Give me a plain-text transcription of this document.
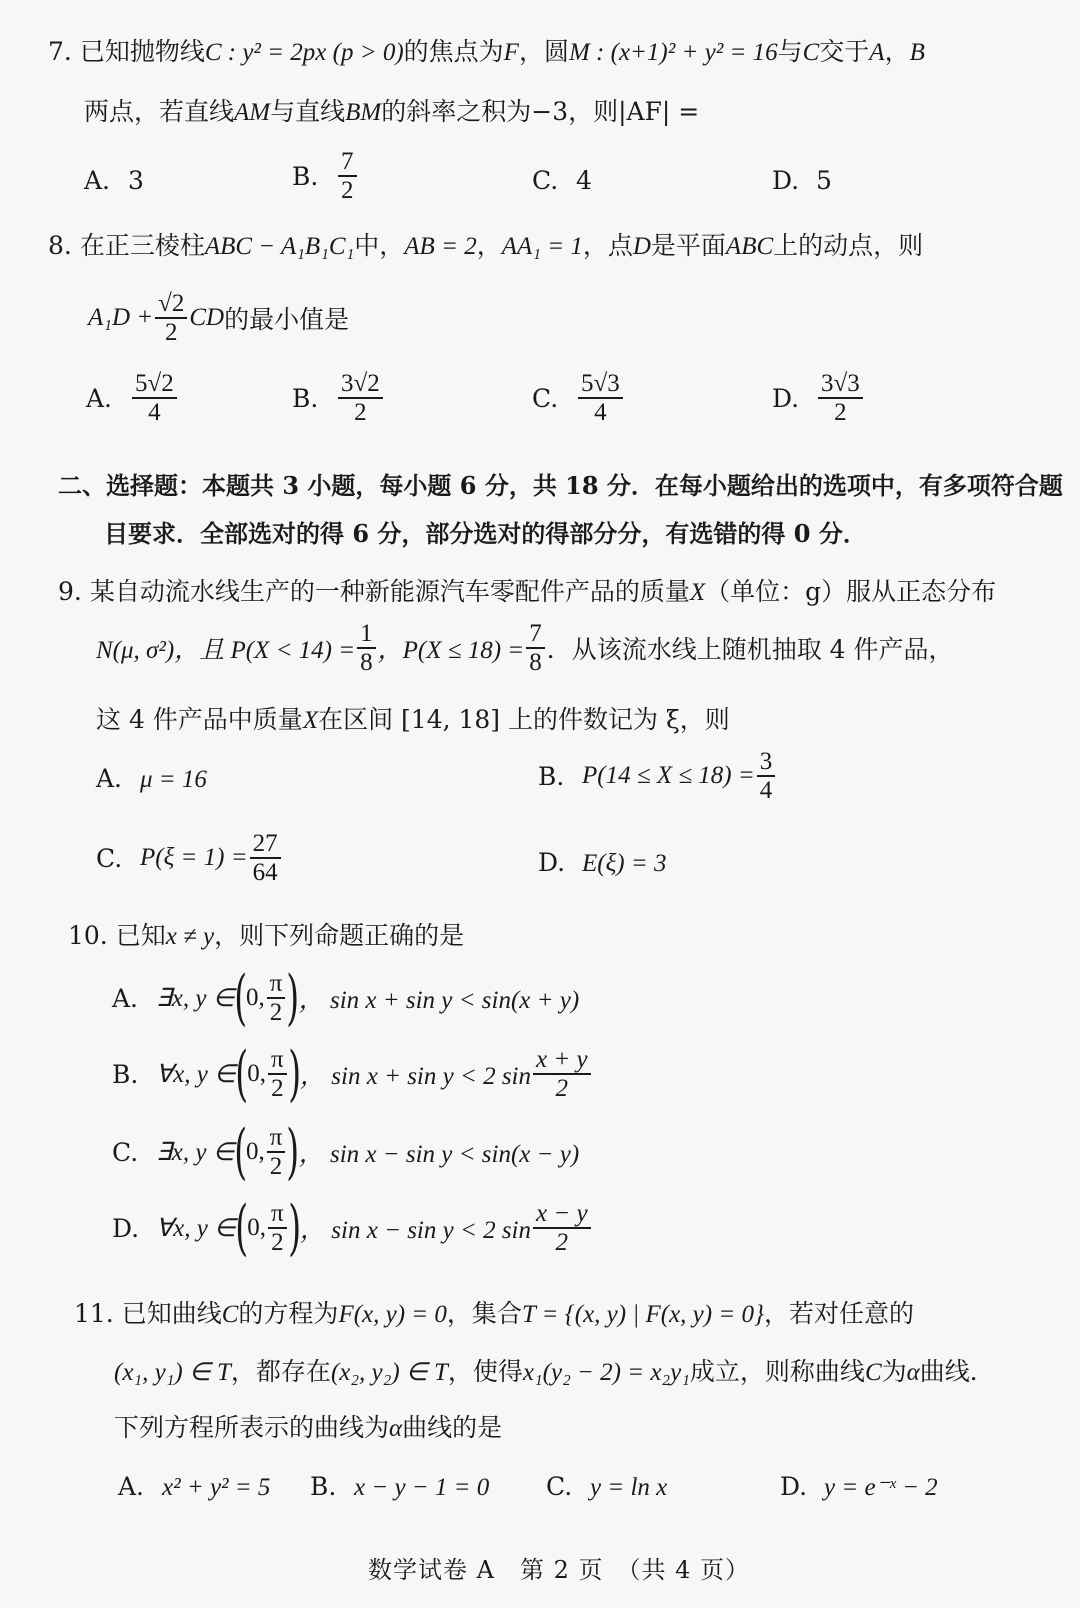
7. 已知抛物线C : y² = 2px (p > 0)的焦点为F，圆M : (x+1)² + y² = 16与C交于A，B
两点，若直线AM与直线BM的斜率之积为−3，则|AF| =
A. 3	B. $\frac{7}{2}$	C. 4	D. 5
8. 在正三棱柱ABC − A₁B₁C₁中，AB = 2，AA₁ = 1，点D是平面ABC上的动点，则
$A_1D + \frac{√2}{2}$ CD的最小值是
A. $\frac{5√2}{4}$	B. $\frac{3√2}{2}$	C. $\frac{5√3}{4}$	D. $\frac{3√3}{2}$
二、选择题：本题共 3 小题，每小题 6 分，共 18 分．在每小题给出的选项中，有多项符合题
目要求．全部选对的得 6 分，部分选对的得部分分，有选错的得 0 分．
9. 某自动流水线生产的一种新能源汽车零配件产品的质量X（单位：g）服从正态分布
N(μ, σ²)，且 $P(X < 14) = \frac{1}{8}$ ，$P(X \le 18) = \frac{7}{8}$ ．从该流水线上随机抽取 4 件产品，
这 4 件产品中质量X在区间 [14, 18] 上的件数记为 ξ，则
A. μ = 16	B. $P(14 \le X \le 18) = \frac{3}{4}$
C. $P(\xi = 1) = \frac{27}{64}$	D. E(ξ) = 3
10. 已知x ≠ y，则下列命题正确的是
A. ∃x, y ∈(0, $\frac{\pi}{2}$ )， sin x + sin y < sin(x + y)
B. ∀x, y ∈(0, $\frac{\pi}{2}$ )， sin x + sin y < 2 $\sin \frac{x + y}{2}$
C. ∃x, y ∈(0, $\frac{\pi}{2}$ )， sin x − sin y < sin(x − y)
D. ∀x, y ∈(0, $\frac{\pi}{2}$ )， sin x − sin y < 2 $\sin \frac{x - y}{2}$
11. 已知曲线C的方程为F(x, y) = 0，集合T = {(x, y) | F(x, y) = 0}，若对任意的
(x₁, y₁) ∈ T，都存在(x₂, y₂) ∈ T，使得x₁(y₂ − 2) = x₂y₁成立，则称曲线C为α曲线．
下列方程所表示的曲线为α曲线的是
A. x² + y² = 5 B. x − y − 1 = 0 C. y = ln x	D. y = e⁻ˣ − 2
数学试卷 A　第 2 页　（共 4 页）
